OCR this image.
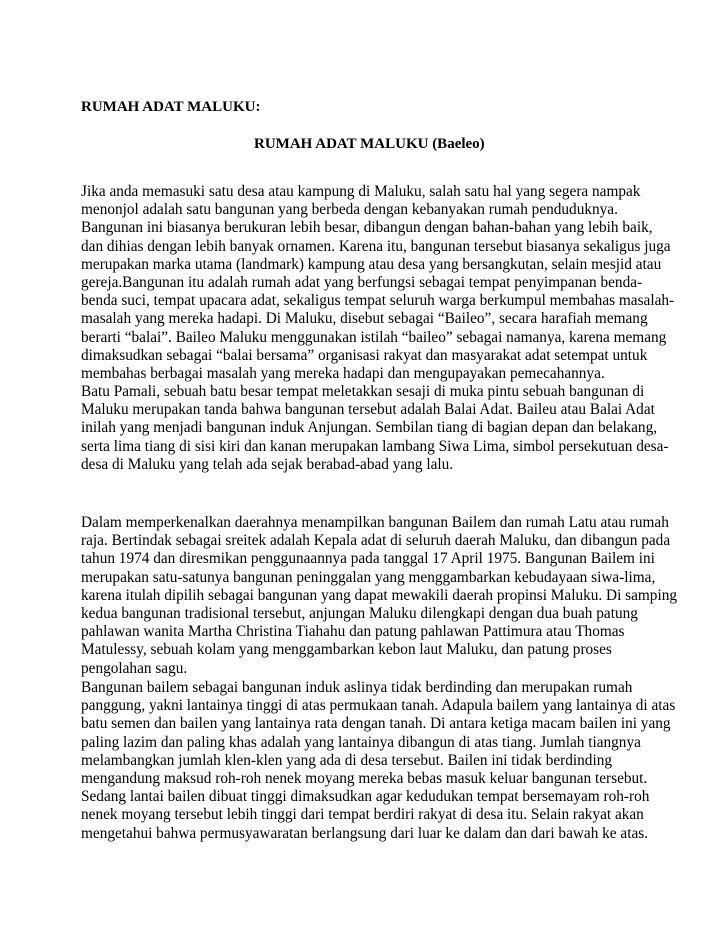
RUMAH ADAT MALUKU:
RUMAH ADAT MALUKU (Baeleo)
Jika anda memasuki satu desa atau kampung di Maluku, salah satu hal yang segera nampak
menonjol adalah satu bangunan yang berbeda dengan kebanyakan rumah penduduknya.
Bangunan ini biasanya berukuran lebih besar, dibangun dengan bahan-bahan yang lebih baik,
dan dihias dengan lebih banyak ornamen. Karena itu, bangunan tersebut biasanya sekaligus juga
merupakan marka utama (landmark) kampung atau desa yang bersangkutan, selain mesjid atau
gereja.Bangunan itu adalah rumah adat yang berfungsi sebagai tempat penyimpanan benda-
benda suci, tempat upacara adat, sekaligus tempat seluruh warga berkumpul membahas masalah-
masalah yang mereka hadapi. Di Maluku, disebut sebagai “Baileo”, secara harafiah memang
berarti “balai”. Baileo Maluku menggunakan istilah “baileo” sebagai namanya, karena memang
dimaksudkan sebagai “balai bersama” organisasi rakyat dan masyarakat adat setempat untuk
membahas berbagai masalah yang mereka hadapi dan mengupayakan pemecahannya.
Batu Pamali, sebuah batu besar tempat meletakkan sesaji di muka pintu sebuah bangunan di
Maluku merupakan tanda bahwa bangunan tersebut adalah Balai Adat. Baileu atau Balai Adat
inilah yang menjadi bangunan induk Anjungan. Sembilan tiang di bagian depan dan belakang,
serta lima tiang di sisi kiri dan kanan merupakan lambang Siwa Lima, simbol persekutuan desa-
desa di Maluku yang telah ada sejak berabad-abad yang lalu.
Dalam memperkenalkan daerahnya menampilkan bangunan Bailem dan rumah Latu atau rumah
raja. Bertindak sebagai sreitek adalah Kepala adat di seluruh daerah Maluku, dan dibangun pada
tahun 1974 dan diresmikan penggunaannya pada tanggal 17 April 1975. Bangunan Bailem ini
merupakan satu-satunya bangunan peninggalan yang menggambarkan kebudayaan siwa-lima,
karena itulah dipilih sebagai bangunan yang dapat mewakili daerah propinsi Maluku. Di samping
kedua bangunan tradisional tersebut, anjungan Maluku dilengkapi dengan dua buah patung
pahlawan wanita Martha Christina Tiahahu dan patung pahlawan Pattimura atau Thomas
Matulessy, sebuah kolam yang menggambarkan kebon laut Maluku, dan patung proses
pengolahan sagu.
Bangunan bailem sebagai bangunan induk aslinya tidak berdinding dan merupakan rumah
panggung, yakni lantainya tinggi di atas permukaan tanah. Adapula bailem yang lantainya di atas
batu semen dan bailen yang lantainya rata dengan tanah. Di antara ketiga macam bailen ini yang
paling lazim dan paling khas adalah yang lantainya dibangun di atas tiang. Jumlah tiangnya
melambangkan jumlah klen-klen yang ada di desa tersebut. Bailen ini tidak berdinding
mengandung maksud roh-roh nenek moyang mereka bebas masuk keluar bangunan tersebut.
Sedang lantai bailen dibuat tinggi dimaksudkan agar kedudukan tempat bersemayam roh-roh
nenek moyang tersebut lebih tinggi dari tempat berdiri rakyat di desa itu. Selain rakyat akan
mengetahui bahwa permusyawaratan berlangsung dari luar ke dalam dan dari bawah ke atas.
